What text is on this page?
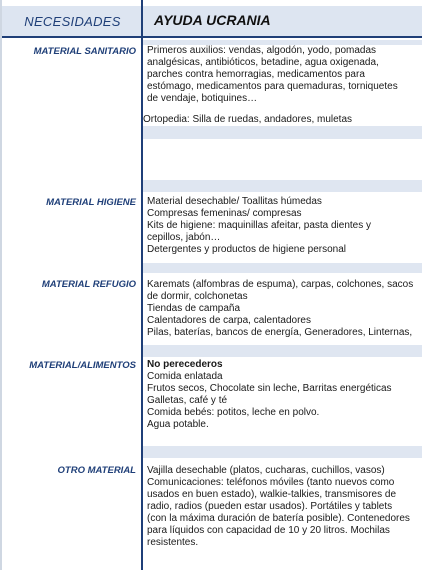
NECESIDADES	AYUDA UCRANIA
MATERIAL SANITARIO Primeros auxilios: vendas, algodón, yodo, pomadas
analgésicas, antibióticos, betadine, agua oxigenada,
parches contra hemorragias, medicamentos para
estómago, medicamentos para quemaduras, torniquetes
de vendaje, botiquines…
Ortopedia: Silla de ruedas, andadores, muletas
MATERIAL HIGIENE Material desechable/ Toallitas húmedas
Compresas femeninas/ compresas
Kits de higiene: maquinillas afeitar, pasta dientes y
cepillos, jabón…
Detergentes y productos de higiene personal
MATERIAL REFUGIO Karemats (alfombras de espuma), carpas, colchones, sacos
de dormir, colchonetas
Tiendas de campaña
Calentadores de carpa, calentadores
Pilas, baterías, bancos de energía, Generadores, Linternas,
MATERIAL/ALIMENTOS No perecederos
Comida enlatada
Frutos secos, Chocolate sin leche, Barritas energéticas
Galletas, café y té
Comida bebés: potitos, leche en polvo.
Agua potable.
OTRO MATERIAL Vajilla desechable (platos, cucharas, cuchillos, vasos)
Comunicaciones: teléfonos móviles (tanto nuevos como
usados en buen estado), walkie-talkies, transmisores de
radio, radios (pueden estar usados). Portátiles y tablets
(con la máxima duración de batería posible). Contenedores
para líquidos con capacidad de 10 y 20 litros. Mochilas
resistentes.
